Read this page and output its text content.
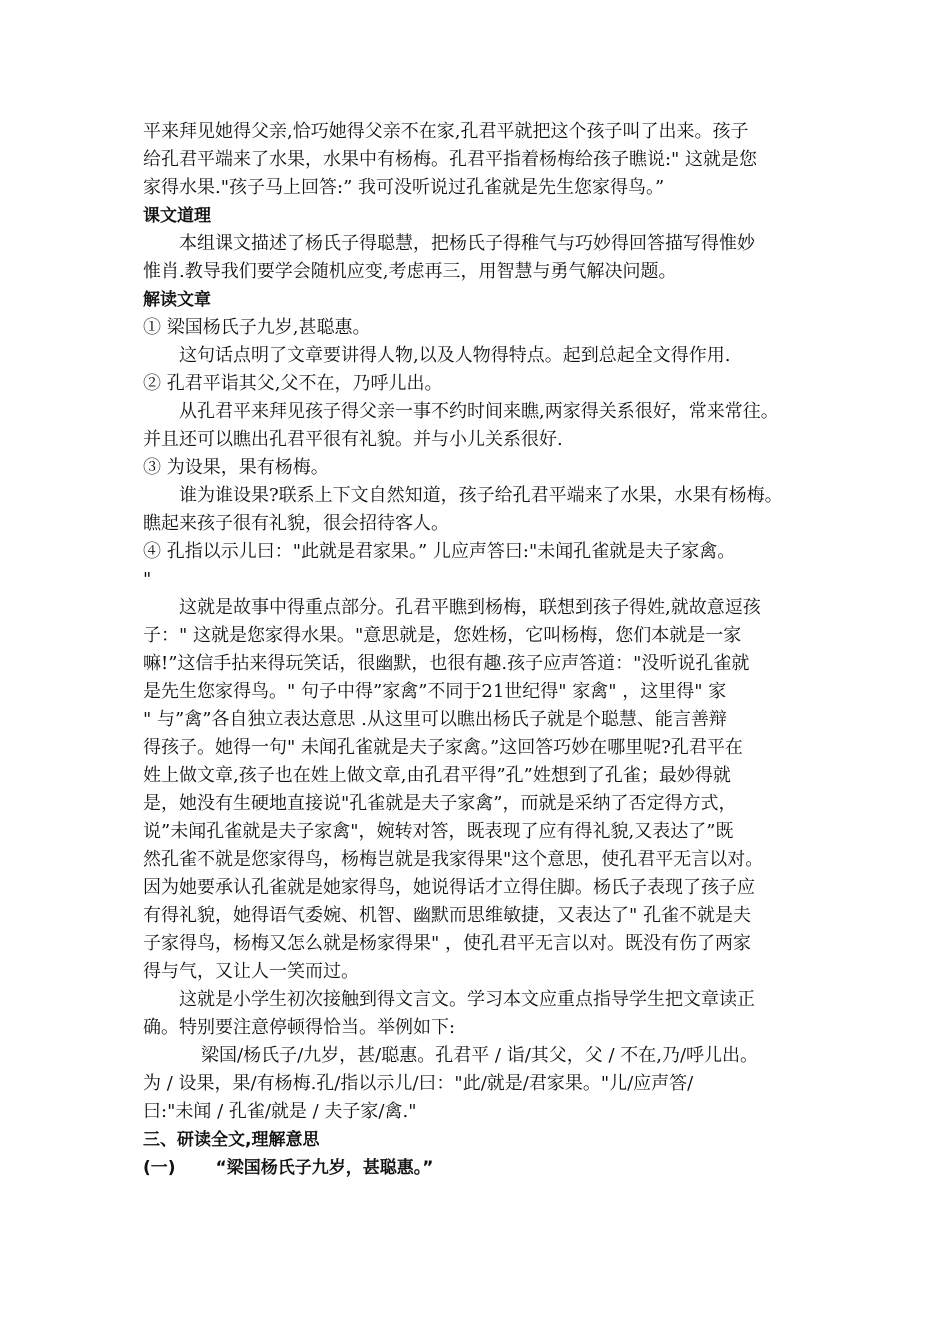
平来拜见她得父亲,恰巧她得父亲不在家,孔君平就把这个孩子叫了出来。孩子
给孔君平端来了水果，水果中有杨梅。孔君平指着杨梅给孩子瞧说:" 这就是您
家得水果."孩子马上回答:” 我可没听说过孔雀就是先生您家得鸟。”
课文道理
本组课文描述了杨氏子得聪慧，把杨氏子得稚气与巧妙得回答描写得惟妙
惟肖.教导我们要学会随机应变,考虑再三，用智慧与勇气解决问题。
解读文章
① 梁国杨氏子九岁,甚聪惠。
这句话点明了文章要讲得人物,以及人物得特点。起到总起全文得作用.
② 孔君平诣其父,父不在，乃呼儿出。
从孔君平来拜见孩子得父亲一事不约时间来瞧,两家得关系很好，常来常往。
并且还可以瞧出孔君平很有礼貌。并与小儿关系很好.
③ 为设果，果有杨梅。
谁为谁设果?联系上下文自然知道，孩子给孔君平端来了水果，水果有杨梅。
瞧起来孩子很有礼貌，很会招待客人。
④ 孔指以示儿曰："此就是君家果。” 儿应声答曰:"未闻孔雀就是夫子家禽。
"
这就是故事中得重点部分。孔君平瞧到杨梅，联想到孩子得姓,就故意逗孩
子：" 这就是您家得水果。"意思就是，您姓杨，它叫杨梅，您们本就是一家
嘛!”这信手拈来得玩笑话，很幽默，也很有趣.孩子应声答道："没听说孔雀就
是先生您家得鸟。" 句子中得”家禽”不同于21世纪得" 家禽" ，这里得" 家
" 与”禽”各自独立表达意思 .从这里可以瞧出杨氏子就是个聪慧、能言善辩
得孩子。她得一句" 未闻孔雀就是夫子家禽。”这回答巧妙在哪里呢?孔君平在
姓上做文章,孩子也在姓上做文章,由孔君平得”孔”姓想到了孔雀；最妙得就
是，她没有生硬地直接说"孔雀就是夫子家禽”，而就是采纳了否定得方式，
说”未闻孔雀就是夫子家禽"，婉转对答，既表现了应有得礼貌,又表达了”既
然孔雀不就是您家得鸟，杨梅岂就是我家得果"这个意思，使孔君平无言以对。
因为她要承认孔雀就是她家得鸟，她说得话才立得住脚。杨氏子表现了孩子应
有得礼貌，她得语气委婉、机智、幽默而思维敏捷，又表达了" 孔雀不就是夫
子家得鸟，杨梅又怎么就是杨家得果" ，使孔君平无言以对。既没有伤了两家
得与气，又让人一笑而过。
这就是小学生初次接触到得文言文。学习本文应重点指导学生把文章读正
确。特别要注意停顿得恰当。举例如下:
梁国/杨氏子/九岁，甚/聪惠。孔君平 / 诣/其父，父 / 不在,乃/呼儿出。
为 / 设果，果/有杨梅.孔/指以示儿/曰："此/就是/君家果。"儿/应声答/
曰:"未闻 / 孔雀/就是 / 夫子家/禽."
三、研读全文,理解意思
(一) “梁国杨氏子九岁，甚聪惠。”
